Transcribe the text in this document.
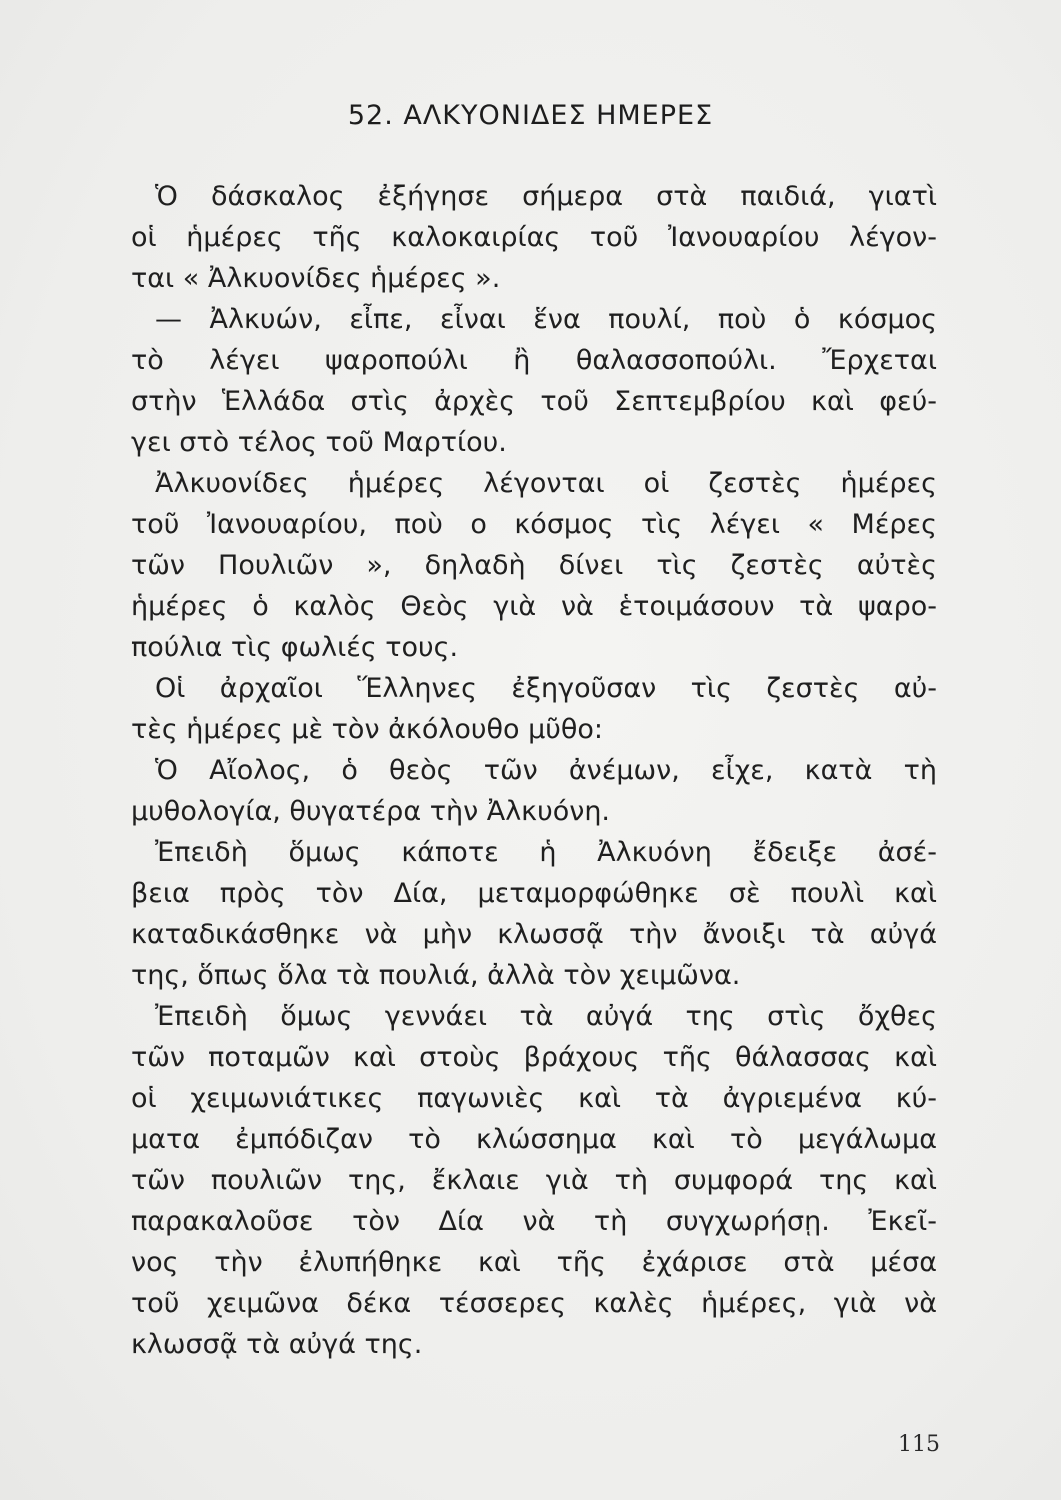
52. ΑΛΚΥΟΝΙΔΕΣ ΗΜΕΡΕΣ
Ὁ δάσκαλος ἐξήγησε σήμερα στὰ παιδιά, γιατὶ
οἱ ἡμέρες τῆς καλοκαιρίας τοῦ Ἰανουαρίου λέγον-
ται « Ἀλκυονίδες ἡμέρες ».
— Ἀλκυών, εἶπε, εἶναι ἕνα πουλί, ποὺ ὁ κόσμος
τὸ λέγει ψαροπούλι ἢ θαλασσοπούλι. Ἔρχεται
στὴν Ἑλλάδα στὶς ἀρχὲς τοῦ Σεπτεμβρίου καὶ φεύ-
γει στὸ τέλος τοῦ Μαρτίου.
Ἀλκυονίδες ἡμέρες λέγονται οἱ ζεστὲς ἡμέρες
τοῦ Ἰανουαρίου, ποὺ ο κόσμος τὶς λέγει « Μέρες
τῶν Πουλιῶν », δηλαδὴ δίνει τὶς ζεστὲς αὐτὲς
ἡμέρες ὁ καλὸς Θεὸς γιὰ νὰ ἑτοιμάσουν τὰ ψαρο-
πούλια τὶς φωλιές τους.
Οἱ ἀρχαῖοι Ἕλληνες ἐξηγοῦσαν τὶς ζεστὲς αὐ-
τὲς ἡμέρες μὲ τὸν ἀκόλουθο μῦθο:
Ὁ Αἴολος, ὁ θεὸς τῶν ἀνέμων, εἶχε, κατὰ τὴ
μυθολογία, θυγατέρα τὴν Ἀλκυόνη.
Ἐπειδὴ ὅμως κάποτε ἡ Ἀλκυόνη ἔδειξε ἀσέ-
βεια πρὸς τὸν Δία, μεταμορφώθηκε σὲ πουλὶ καὶ
καταδικάσθηκε νὰ μὴν κλωσσᾷ τὴν ἄνοιξι τὰ αὐγά
της, ὅπως ὅλα τὰ πουλιά, ἀλλὰ τὸν χειμῶνα.
Ἐπειδὴ ὅμως γεννάει τὰ αὐγά της στὶς ὄχθες
τῶν ποταμῶν καὶ στοὺς βράχους τῆς θάλασσας καὶ
οἱ χειμωνιάτικες παγωνιὲς καὶ τὰ ἀγριεμένα κύ-
ματα ἐμπόδιζαν τὸ κλώσσημα καὶ τὸ μεγάλωμα
τῶν πουλιῶν της, ἔκλαιε γιὰ τὴ συμφορά της καὶ
παρακαλοῦσε τὸν Δία νὰ τὴ συγχωρήσῃ. Ἐκεῖ-
νος τὴν ἐλυπήθηκε καὶ τῆς ἐχάρισε στὰ μέσα
τοῦ χειμῶνα δέκα τέσσερες καλὲς ἡμέρες, γιὰ νὰ
κλωσσᾷ τὰ αὐγά της.
115
